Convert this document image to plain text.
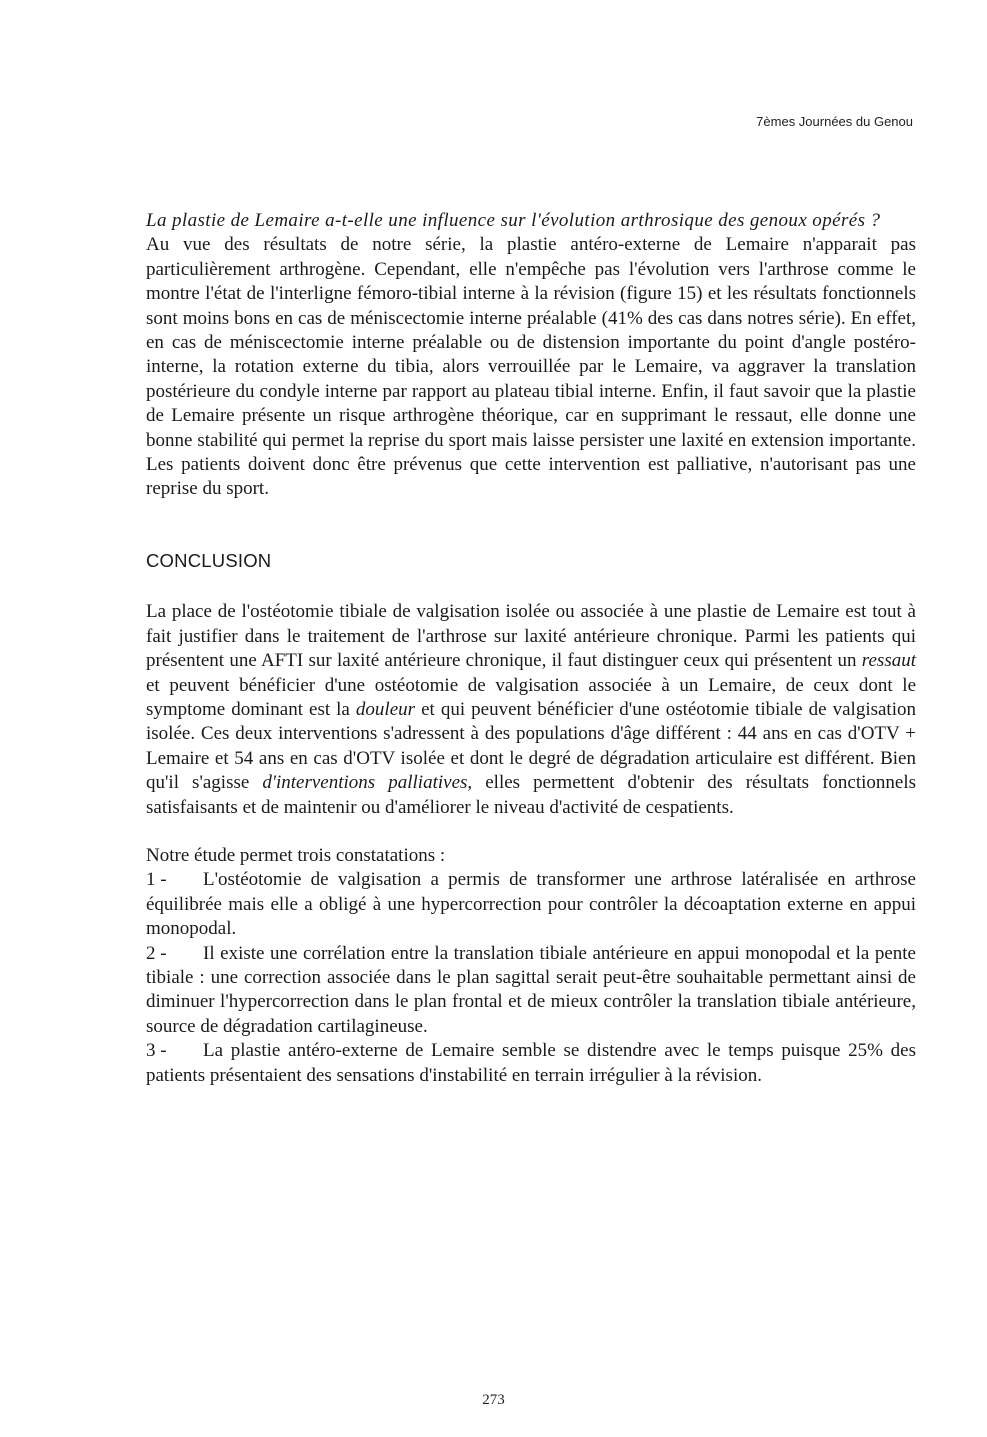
7èmes Journées du Genou

La plastie de Lemaire a-t-elle une influence sur l'évolution arthrosique des genoux opérés ?

Au vue des résultats de notre série, la plastie antéro-externe de Lemaire n'apparait pas particulièrement arthrogène. Cependant, elle n'empêche pas l'évolution vers l'arthrose comme le montre l'état de l'interligne fémoro-tibial interne à la révision (figure 15) et les résultats fonctionnels sont moins bons en cas de méniscectomie interne préalable (41% des cas dans notres série). En effet, en cas de méniscectomie interne préalable ou de distension importante du point d'angle postéro-interne, la rotation externe du tibia, alors verrouillée par le Lemaire, va aggraver la translation postérieure du condyle interne par rapport au plateau tibial interne. Enfin, il faut savoir que la plastie de Lemaire présente un risque arthrogène théorique, car en supprimant le ressaut, elle donne une bonne stabilité qui permet la reprise du sport mais laisse persister une laxité en extension importante. Les patients doivent donc être prévenus que cette intervention est palliative, n'autorisant pas une reprise du sport.

CONCLUSION

La place de l'ostéotomie tibiale de valgisation isolée ou associée à une plastie de Lemaire est tout à fait justifier dans le traitement de l'arthrose sur laxité antérieure chronique. Parmi les patients qui présentent une AFTI sur laxité antérieure chronique, il faut distinguer ceux qui présentent un ressaut et peuvent bénéficier d'une ostéotomie de valgisation associée à un Lemaire, de ceux dont le symptome dominant est la douleur et qui peuvent bénéficier d'une ostéotomie tibiale de valgisation isolée. Ces deux interventions s'adressent à des populations d'âge différent : 44 ans en cas d'OTV + Lemaire et 54 ans en cas d'OTV isolée et dont le degré de dégradation articulaire est différent. Bien qu'il s'agisse d'interventions palliatives, elles permettent d'obtenir des résultats fonctionnels satisfaisants et de maintenir ou d'améliorer le niveau d'activité de cespatients.

Notre étude permet trois constatations :

1 - L'ostéotomie de valgisation a permis de transformer une arthrose latéralisée en arthrose équilibrée mais elle a obligé à une hypercorrection pour contrôler la décoaptation externe en appui monopodal.

2 - Il existe une corrélation entre la translation tibiale antérieure en appui monopodal et la pente tibiale : une correction associée dans le plan sagittal serait peut-être souhaitable permettant ainsi de diminuer l'hypercorrection dans le plan frontal et de mieux contrôler la translation tibiale antérieure, source de dégradation cartilagineuse.

3 - La plastie antéro-externe de Lemaire semble se distendre avec le temps puisque 25% des patients présentaient des sensations d'instabilité en terrain irrégulier à la révision.

273
